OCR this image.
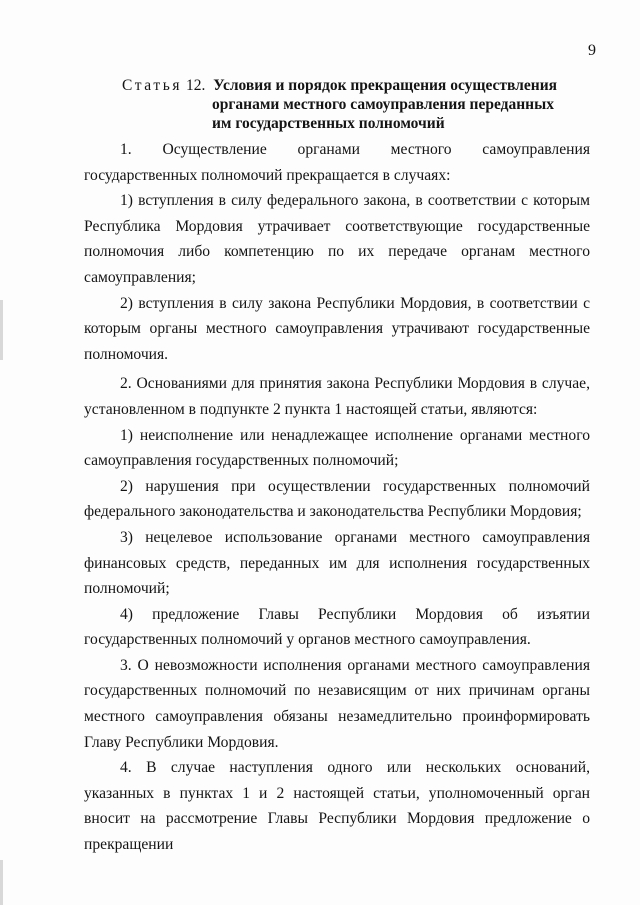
9
Статья 12. Условия и порядок прекращения осуществления
органами местного самоуправления переданных
им государственных полномочий

1. Осуществление органами местного самоуправления государственных полномочий прекращается в случаях:

1) вступления в силу федерального закона, в соответствии с которым Республика Мордовия утрачивает соответствующие государственные полномочия либо компетенцию по их передаче органам местного самоуправления;

2) вступления в силу закона Республики Мордовия, в соответствии с которым органы местного самоуправления утрачивают государственные полномочия.

2. Основаниями для принятия закона Республики Мордовия в случае, установленном в подпункте 2 пункта 1 настоящей статьи, являются:

1) неисполнение или ненадлежащее исполнение органами местного самоуправления государственных полномочий;

2) нарушения при осуществлении государственных полномочий федерального законодательства и законодательства Республики Мордовия;

3) нецелевое использование органами местного самоуправления финансовых средств, переданных им для исполнения государственных полномочий;

4) предложение Главы Республики Мордовия об изъятии государственных полномочий у органов местного самоуправления.

3. О невозможности исполнения органами местного самоуправления государственных полномочий по независящим от них причинам органы местного самоуправления обязаны незамедлительно проинформировать Главу Республики Мордовия.

4. В случае наступления одного или нескольких оснований, указанных в пунктах 1 и 2 настоящей статьи, уполномоченный орган вносит на рассмотрение Главы Республики Мордовия предложение о прекращении
